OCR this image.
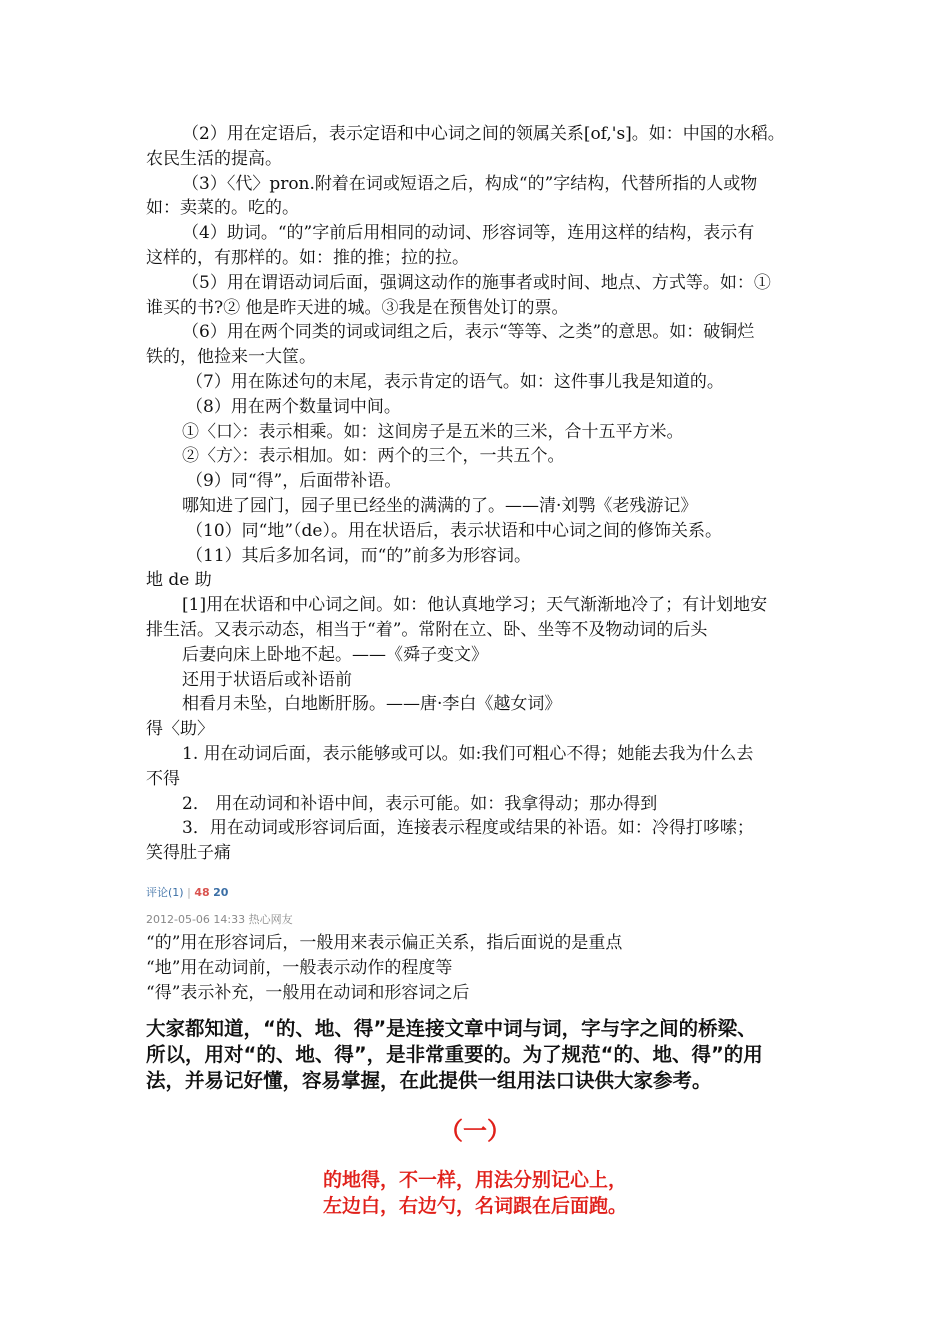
（2）用在定语后，表示定语和中心词之间的领属关系[of,'s]。如：中国的水稻。
农民生活的提高。
（3）〈代〉pron.附着在词或短语之后，构成“的”字结构，代替所指的人或物
如：卖菜的。吃的。
（4）助词。“的”字前后用相同的动词、形容词等，连用这样的结构，表示有
这样的，有那样的。如：推的推；拉的拉。
（5）用在谓语动词后面，强调这动作的施事者或时间、地点、方式等。如：①
谁买的书?② 他是昨天进的城。③我是在预售处订的票。
（6）用在两个同类的词或词组之后，表示“等等、之类”的意思。如：破铜烂
铁的，他捡来一大筐。
（7）用在陈述句的末尾，表示肯定的语气。如：这件事儿我是知道的。
（8）用在两个数量词中间。
①〈口〉：表示相乘。如：这间房子是五米的三米，合十五平方米。
②〈方〉：表示相加。如：两个的三个，一共五个。
（9）同“得”，后面带补语。
哪知进了园门，园子里已经坐的满满的了。——清·刘鹗《老残游记》
（10）同“地”（de）。用在状语后，表示状语和中心词之间的修饰关系。
（11）其后多加名词，而“的”前多为形容词。
地 de 助
[1]用在状语和中心词之间。如：他认真地学习；天气渐渐地冷了；有计划地安
排生活。又表示动态，相当于“着”。常附在立、卧、坐等不及物动词的后头
后妻向床上卧地不起。——《舜子变文》
还用于状语后或补语前
相看月未坠，白地断肝肠。——唐·李白《越女词》
得〈助〉
1. 用在动词后面，表示能够或可以。如:我们可粗心不得；她能去我为什么去
不得
2． 用在动词和补语中间，表示可能。如：我拿得动；那办得到
3．用在动词或形容词后面，连接表示程度或结果的补语。如：冷得打哆嗦；
笑得肚子痛
评论(1) | 48 20
2012-05-06 14:33 热心网友
“的”用在形容词后，一般用来表示偏正关系，指后面说的是重点
“地”用在动词前，一般表示动作的程度等
“得”表示补充，一般用在动词和形容词之后
大家都知道，“的、地、得”是连接文章中词与词，字与字之间的桥梁、
所以，用对“的、地、得”，是非常重要的。为了规范“的、地、得”的用
法，并易记好懂，容易掌握，在此提供一组用法口诀供大家参考。
（一）
的地得，不一样，用法分别记心上，
左边白，右边勺，名词跟在后面跑。
